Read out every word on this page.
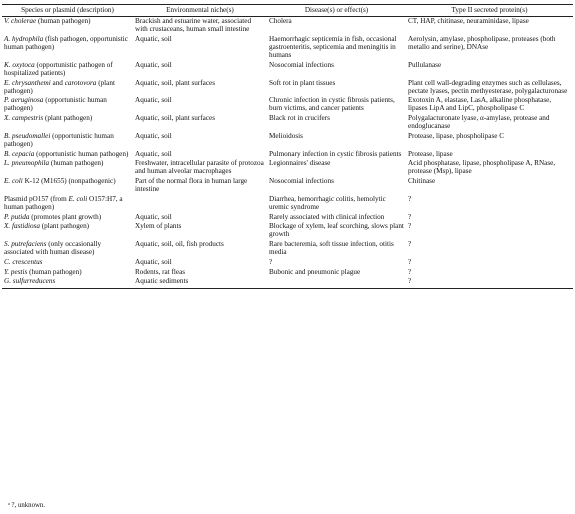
Species or plasmid (description)	Environmental niche(s)	Disease(s) or effect(s)	Type II secreted protein(s)
V. cholerae (human pathogen)	Brackish and estuarine water, associated with crustaceans, human small intestine	Cholera	CT, HAP, chitinase, neuraminidase, lipase
A. hydrophila (fish pathogen, opportunistic human pathogen)	Aquatic, soil	Haemorrhagic septicemia in fish, occasional gastroenteritis, septicemia and meningitis in humans	Aerolysin, amylase, phospholipase, proteases (both metallo and serine), DNAse
K. oxytoca (opportunistic pathogen of hospitalized patients)	Aquatic, soil	Nosocomial infections	Pullulanase
E. chrysanthemi and carotovora (plant pathogen)	Aquatic, soil, plant surfaces	Soft rot in plant tissues	Plant cell wall-degrading enzymes such as cellulases, pectate lyases, pectin methyesterase, polygalacturonase
P. aeruginosa (opportunistic human pathogen)	Aquatic, soil	Chronic infection in cystic fibrosis patients, burn victims, and cancer patients	Exotoxin A, elastase, LasA, alkaline phosphatase, lipases LipA and LipC, phospholipase C
X. campestris (plant pathogen)	Aquatic, soil, plant surfaces	Black rot in crucifers	Polygalacturonate lyase, α-amylase, protease and endoglucanase
B. pseudomallei (opportunistic human pathogen)	Aquatic, soil	Melioidosis	Protease, lipase, phospholipase C
B. cepacia (opportunistic human pathogen)	Aquatic, soil	Pulmonary infection in cystic fibrosis patients	Protease, lipase
L. pneumophila (human pathogen)	Freshwater, intracellular parasite of protozoa and human alveolar macrophages	Legionnaires' disease	Acid phosphatase, lipase, phospholipase A, RNase, protease (Msp), lipase
E. coli K-12 (M1655) (nonpathogenic)	Part of the normal flora in human large intestine	Nosocomial infections	Chitinase
Plasmid pO157 (from E. coli O157:H7, a human pathogen)		Diarrhea, hemorrhagic colitis, hemolytic uremic syndrome	?
P. putida (promotes plant growth)	Aquatic, soil	Rarely associated with clinical infection	?
X. fastidiosa (plant pathogen)	Xylem of plants	Blockage of xylem, leaf scorching, slows plant growth	?
S. putrefaciens (only occasionally associated with human disease)	Aquatic, soil, oil, fish products	Rare bacteremia, soft tissue infection, otitis media	?
C. crescentus	Aquatic, soil	?	?
Y. pestis (human pathogen)	Rodents, rat fleas	Bubonic and pneumonic plague	?
G. sulfurreducens	Aquatic sediments		?
ᵃ ?, unknown.
